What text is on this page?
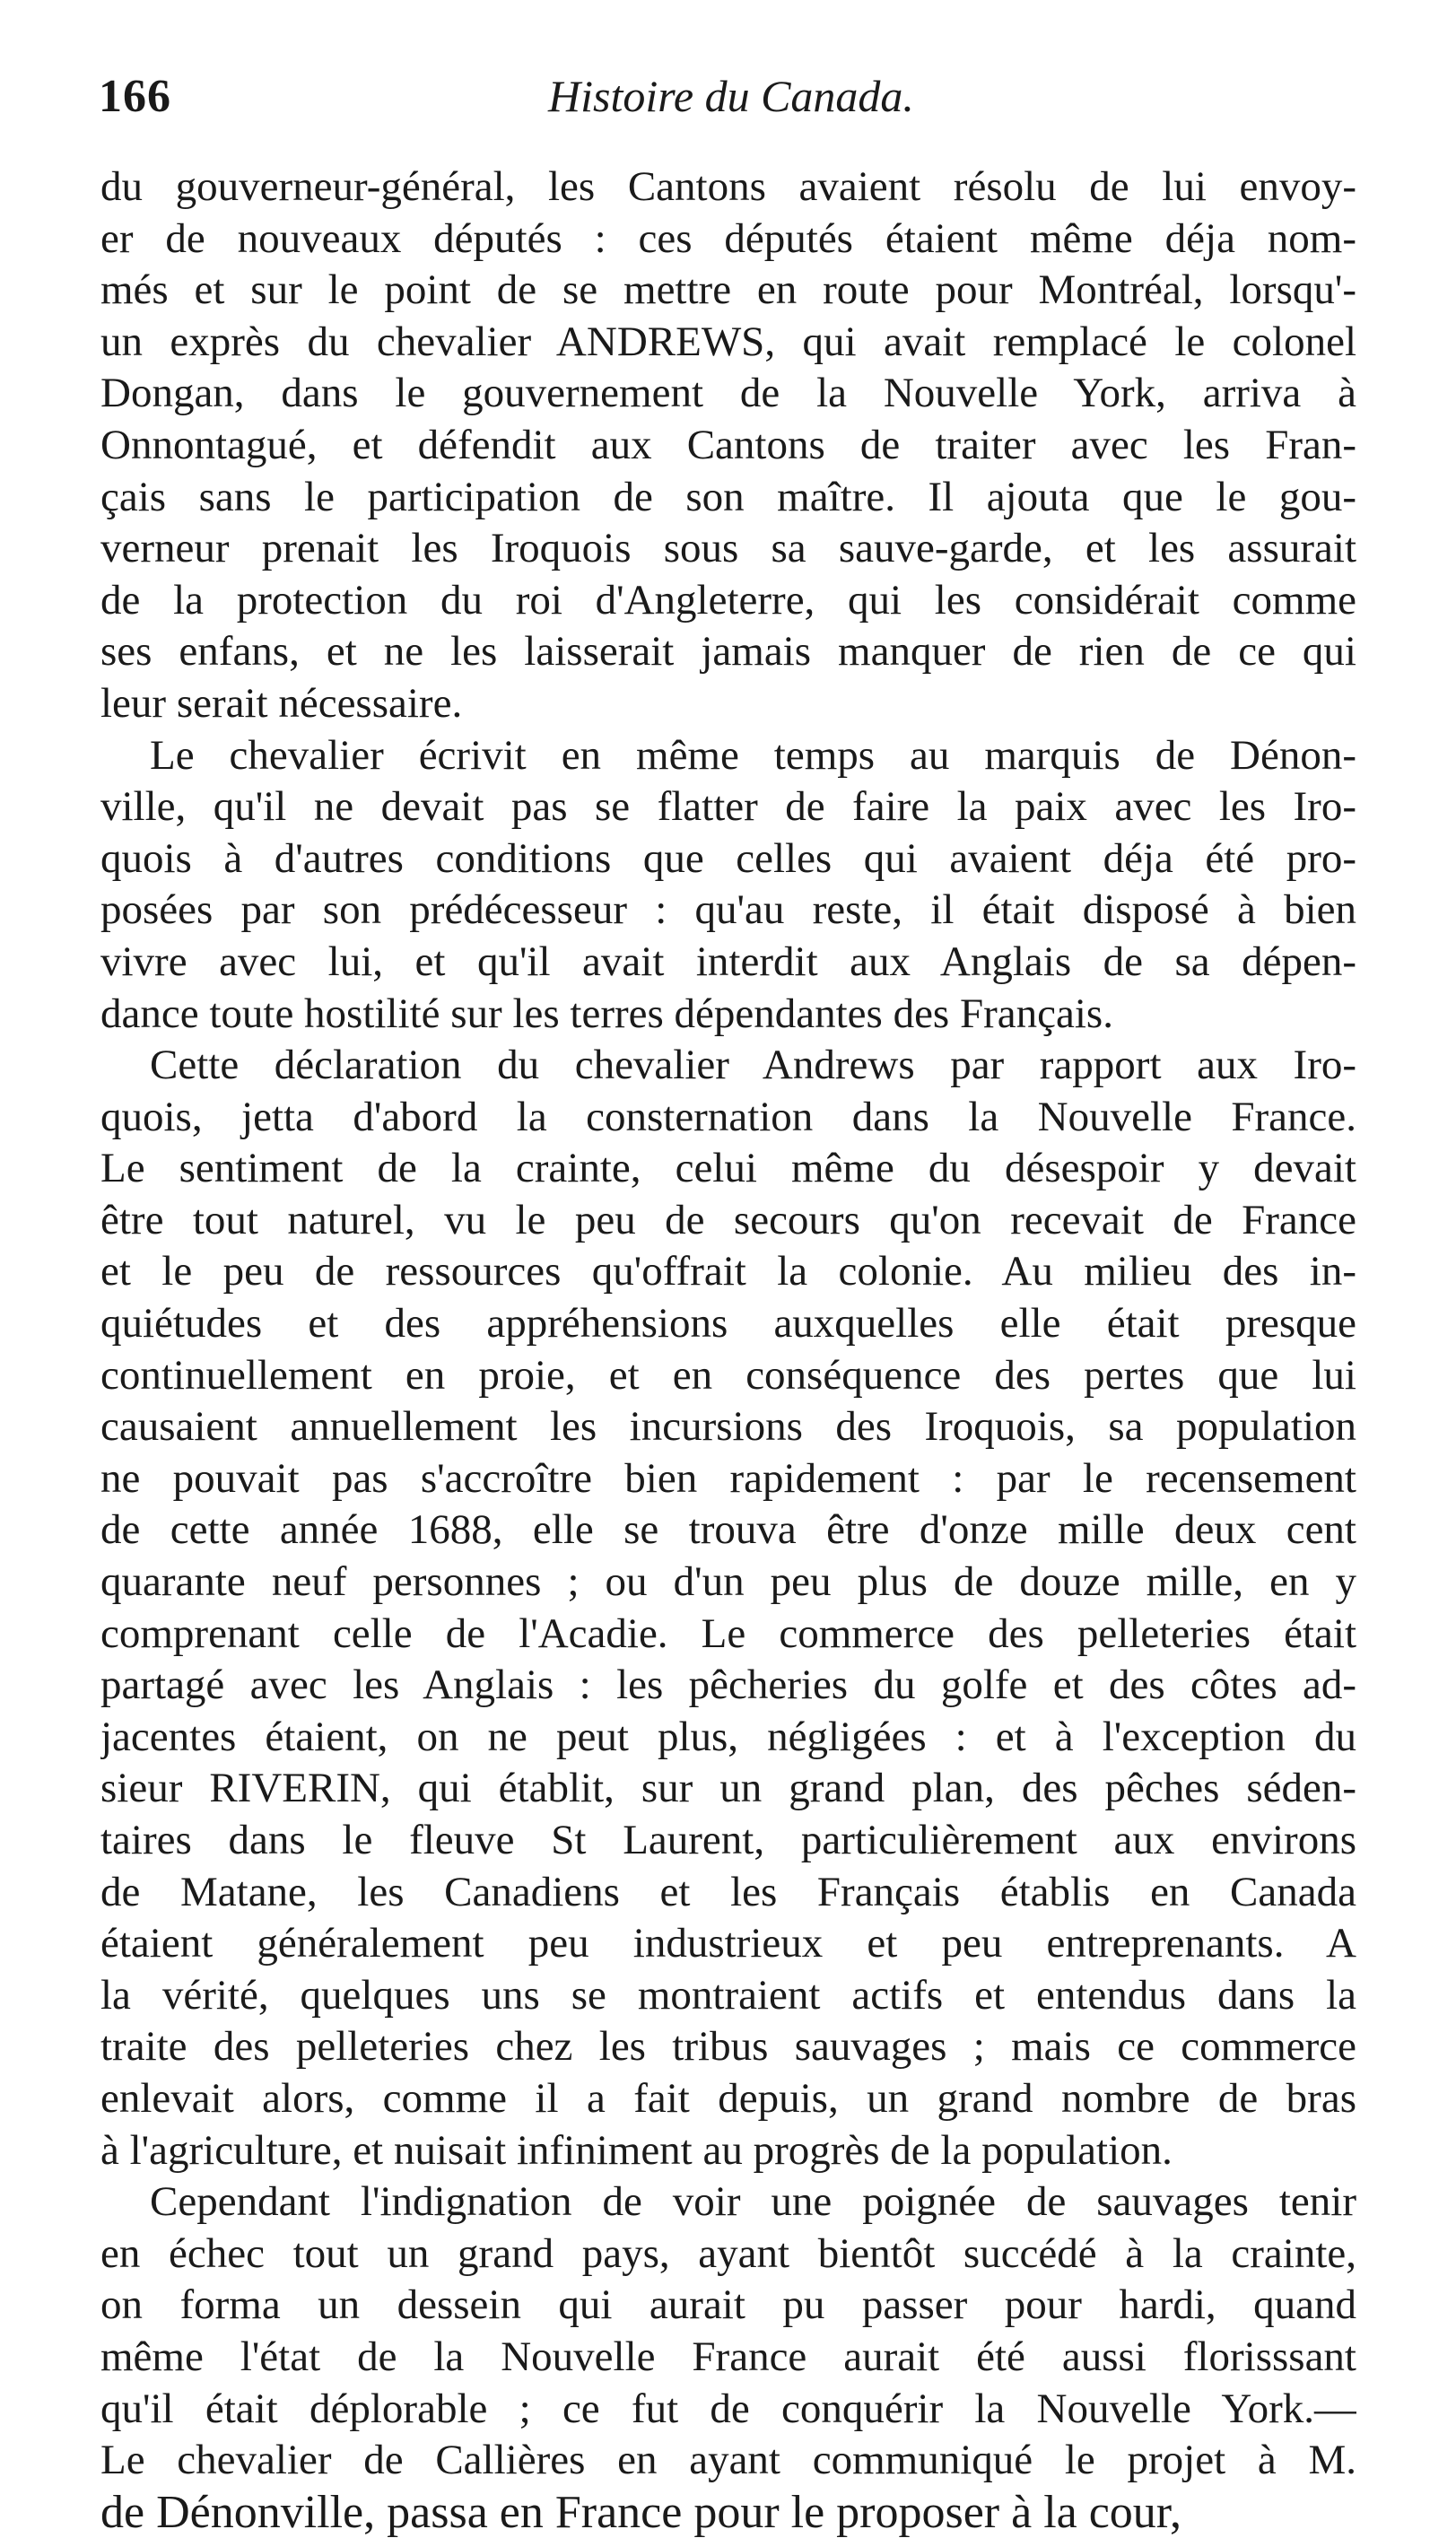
166	Histoire du Canada.
du gouverneur-général, les Cantons avaient résolu de lui envoy-
er de nouveaux députés : ces députés étaient même déja nom-
més et sur le point de se mettre en route pour Montréal, lorsqu'-
un exprès du chevalier ANDREWS, qui avait remplacé le colonel
Dongan, dans le gouvernement de la Nouvelle York, arriva à
Onnontagué, et défendit aux Cantons de traiter avec les Fran-
çais sans le participation de son maître. Il ajouta que le gou-
verneur prenait les Iroquois sous sa sauve-garde, et les assurait
de la protection du roi d'Angleterre, qui les considérait comme
ses enfans, et ne les laisserait jamais manquer de rien de ce qui
leur serait nécessaire.
Le chevalier écrivit en même temps au marquis de Dénon-
ville, qu'il ne devait pas se flatter de faire la paix avec les Iro-
quois à d'autres conditions que celles qui avaient déja été pro-
posées par son prédécesseur : qu'au reste, il était disposé à bien
vivre avec lui, et qu'il avait interdit aux Anglais de sa dépen-
dance toute hostilité sur les terres dépendantes des Français.
Cette déclaration du chevalier Andrews par rapport aux Iro-
quois, jetta d'abord la consternation dans la Nouvelle France.
Le sentiment de la crainte, celui même du désespoir y devait
être tout naturel, vu le peu de secours qu'on recevait de France
et le peu de ressources qu'offrait la colonie. Au milieu des in-
quiétudes et des appréhensions auxquelles elle était presque
continuellement en proie, et en conséquence des pertes que lui
causaient annuellement les incursions des Iroquois, sa population
ne pouvait pas s'accroître bien rapidement : par le recensement
de cette année 1688, elle se trouva être d'onze mille deux cent
quarante neuf personnes ; ou d'un peu plus de douze mille, en y
comprenant celle de l'Acadie. Le commerce des pelleteries était
partagé avec les Anglais : les pêcheries du golfe et des côtes ad-
jacentes étaient, on ne peut plus, négligées : et à l'exception du
sieur RIVERIN, qui établit, sur un grand plan, des pêches séden-
taires dans le fleuve St Laurent, particulièrement aux environs
de Matane, les Canadiens et les Français établis en Canada
étaient généralement peu industrieux et peu entreprenants. A
la vérité, quelques uns se montraient actifs et entendus dans la
traite des pelleteries chez les tribus sauvages ; mais ce commerce
enlevait alors, comme il a fait depuis, un grand nombre de bras
à l'agriculture, et nuisait infiniment au progrès de la population.
Cependant l'indignation de voir une poignée de sauvages tenir
en échec tout un grand pays, ayant bientôt succédé à la crainte,
on forma un dessein qui aurait pu passer pour hardi, quand
même l'état de la Nouvelle France aurait été aussi florisssant
qu'il était déplorable ; ce fut de conquérir la Nouvelle York.—
Le chevalier de Callières en ayant communiqué le projet à M.
de Dénonville, passa en France pour le proposer à la cour,
